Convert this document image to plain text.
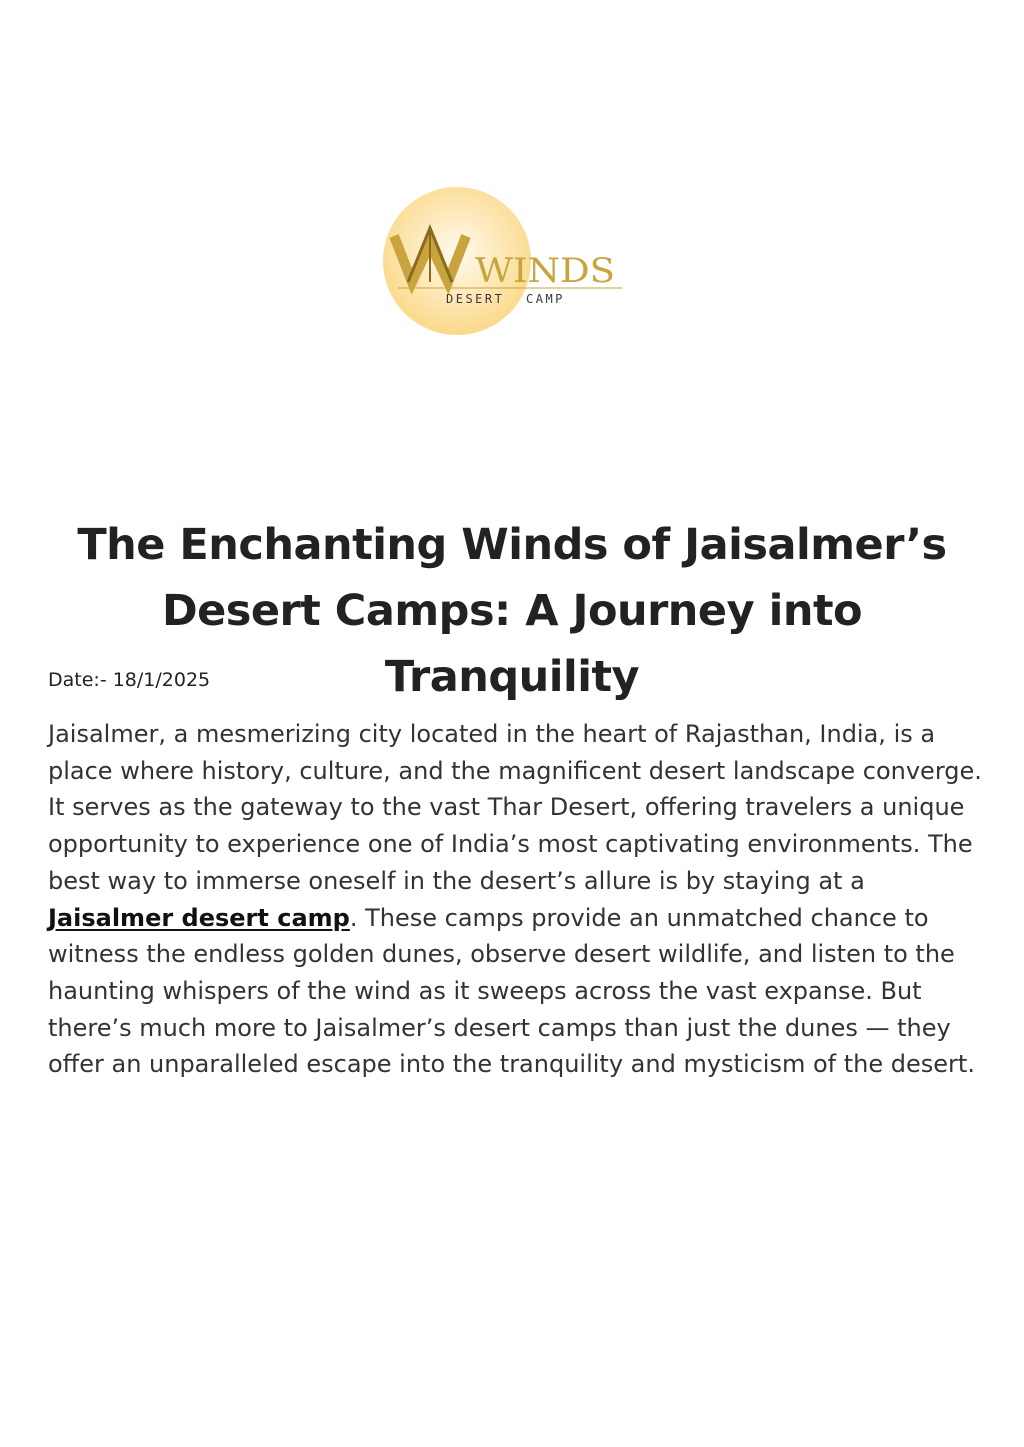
WINDS
DESERT CAMP
The Enchanting Winds of Jaisalmer’s Desert Camps: A Journey into Tranquility

Date:- 18/1/2025

Jaisalmer, a mesmerizing city located in the heart of Rajasthan, India, is a place where history, culture, and the magnificent desert landscape converge. It serves as the gateway to the vast Thar Desert, offering travelers a unique opportunity to experience one of India’s most captivating environments. The best way to immerse oneself in the desert’s allure is by staying at a Jaisalmer desert camp. These camps provide an unmatched chance to witness the endless golden dunes, observe desert wildlife, and listen to the haunting whispers of the wind as it sweeps across the vast expanse. But there’s much more to Jaisalmer’s desert camps than just the dunes — they offer an unparalleled escape into the tranquility and mysticism of the desert.
